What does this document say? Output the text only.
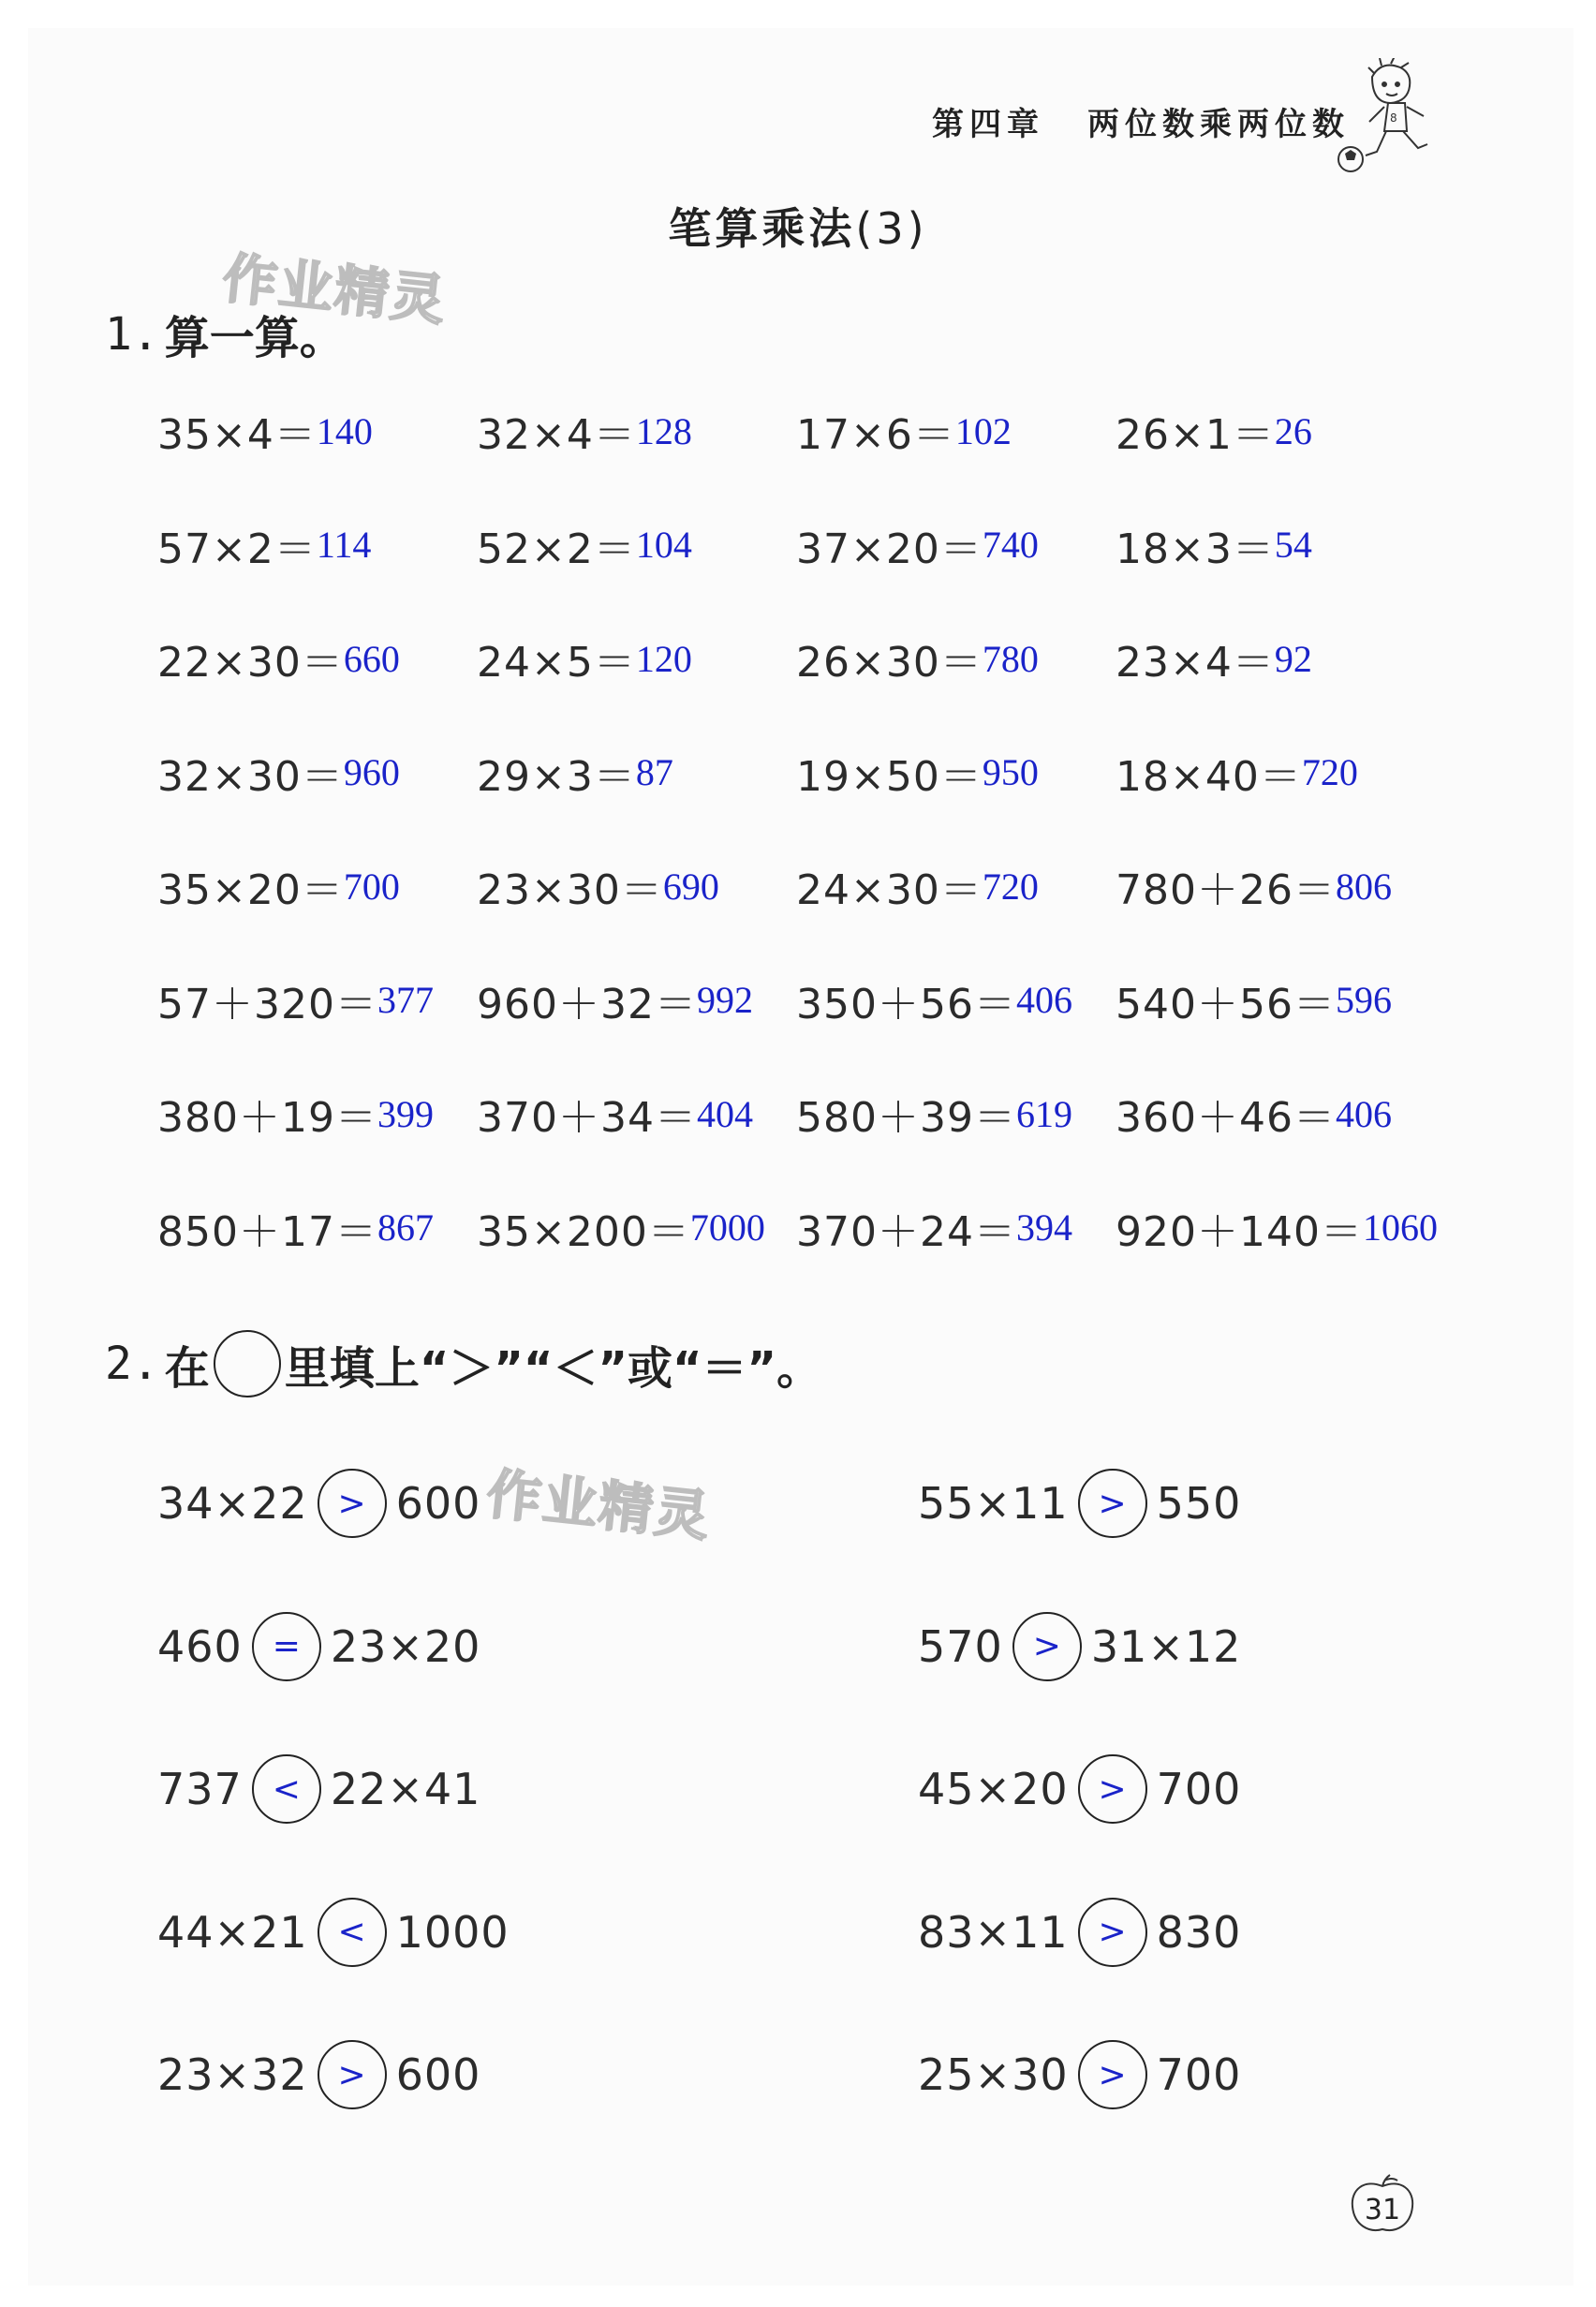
第四章 两位数乘两位数	8
笔算乘法(3)
作业精灵
作业精灵
1. 算一算。
35×4＝ 140	32×4＝ 128	17×6＝ 102	26×1＝ 26
57×2＝ 114	52×2＝ 104	37×20＝ 740 18×3＝ 54
22×30＝ 660 24×5＝ 120	26×30＝ 780 23×4＝ 92
32×30＝ 960 29×3＝ 87	19×50＝ 950 18×40＝ 720
35×20＝ 700 23×30＝ 690 24×30＝ 720 780＋26＝ 806
57＋320＝ 377 960＋32＝ 992 350＋56＝ 406 540＋56＝ 596
380＋19＝ 399 370＋34＝ 404 580＋39＝ 619 360＋46＝ 406
850＋17＝ 867 35×200＝ 7000 370＋24＝ 394 920＋140＝ 1060
2. 在 里填上“＞”“＜”或“＝”。
34×22 > 600	55×11 > 550
460 = 23×20	570 > 31×12
737 < 22×41	45×20 > 700
44×21 < 1000	83×11 > 830
23×32 > 600	25×30 > 700
31
